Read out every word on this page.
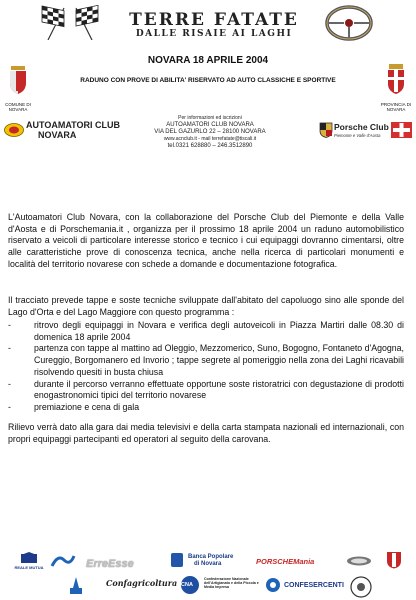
TERRE FATATE
DALLE RISAIE AI LAGHI
NOVARA 18 APRILE 2004
RADUNO CON PROVE DI ABILITA' RISERVATO AD AUTO CLASSICHE E SPORTIVE
COMUNE DI NOVARA
PROVINCIA DI NOVARA
AUTOAMATORI CLUB
NOVARA
Per informazioni ed iscrizioni
AUTOAMATORI CLUB NOVARA
VIA DEL GAZURLO 22 – 28100 NOVARA
www.acnclub.it - mail terrefatate@tiscali.it
tel.0321 628880 – 246.3512890
Porsche Club
Piemonte e Valle d'Aosta
L'Autoamatori Club Novara, con la collaborazione del Porsche Club del Piemonte e della Valle d'Aosta e di Porschemania.it , organizza per il prossimo 18 aprile 2004 un raduno automobilistico riservato a veicoli di particolare interesse storico e tecnico i cui equipaggi dovranno cimentarsi, oltre alle caratteristiche prove di conoscenza tecnica, anche nella ricerca di particolari monumenti e località del territorio novarese con schede a domande e documentazione fotografica.
Il tracciato prevede tappe e soste tecniche sviluppate dall'abitato del capoluogo sino alle sponde del Lago d'Orta e del Lago Maggiore con questo programma :
-	ritrovo degli equipaggi in Novara e verifica degli autoveicoli in Piazza Martiri dalle 08.30 di domenica 18 aprile 2004
-	partenza con tappe al mattino ad Oleggio, Mezzomerico, Suno, Bogogno, Fontaneto d'Agogna, Cureggio, Borgomanero ed Invorio ; tappe segrete al pomeriggio nella zona dei Laghi ricavabili risolvendo quesiti in busta chiusa
-	durante il percorso verranno effettuate opportune soste ristoratrici con degustazione di prodotti enogastronomici tipici del territorio novarese
-	premiazione e cena di gala
Rilievo verrà dato alla gara dai media televisivi e della carta stampata nazionali ed internazionali, con propri equipaggi partecipanti ed operatori al seguito della carovana.
REALE MUTUA	ErreEsse
Banca Popolare
di Novara	PORSCHEMania
Confagricoltura CNA
Confederazione Nazionale dell'Artigianato e della Piccola e Media Impresa	CONFESERCENTI
